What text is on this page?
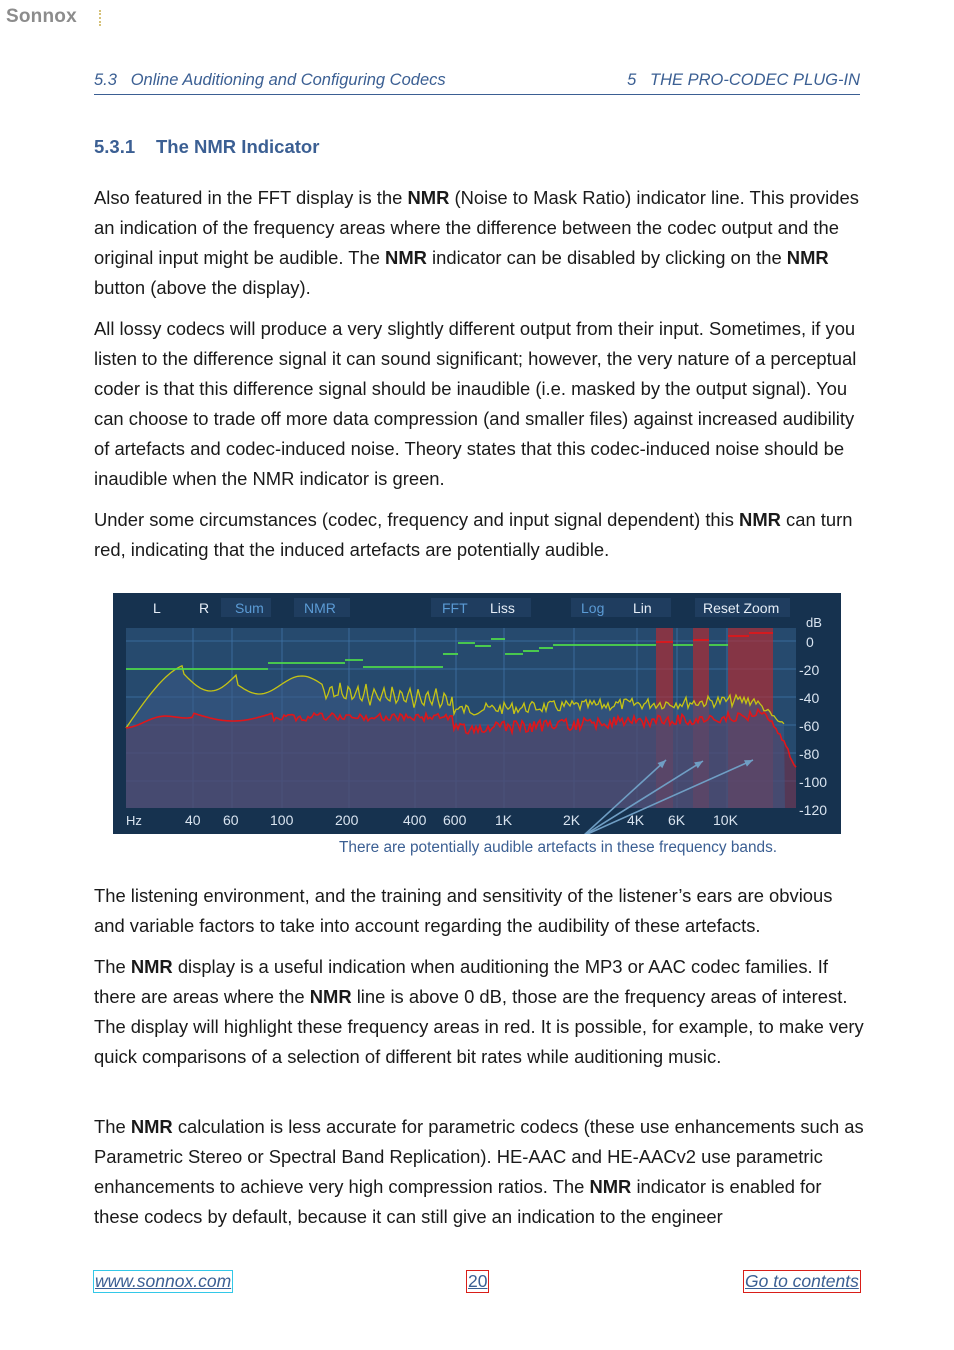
Sonnox
5.3   Online Auditioning and Configuring Codecs	5   THE PRO-CODEC PLUG-IN
5.3.1 The NMR Indicator

Also featured in the FFT display is the NMR (Noise to Mask Ratio) indicator line. This provides an indication of the frequency areas where the difference between the codec output and the original input might be audible. The NMR indicator can be disabled by clicking on the NMR button (above the display).

All lossy codecs will produce a very slightly different output from their input. Sometimes, if you listen to the difference signal it can sound significant; however, the very nature of a perceptual coder is that this difference signal should be inaudible (i.e. masked by the output signal). You can choose to trade off more data compression (and smaller files) against increased audibility of artefacts and codec-induced noise. Theory states that this codec-induced noise should be inaudible when the NMR indicator is green.

Under some circumstances (codec, frequency and input signal dependent) this NMR can turn red, indicating that the induced artefacts are potentially audible.

L	R Sum	NMR	FFT Liss	Log Lin	Reset Zoom
dB
0
-20
-40
-60
-80
-100
-120
Hz	40 60 100	200	400 600 1K	2K	4K 6K 10K
There are potentially audible artefacts in these frequency bands.

The listening environment, and the training and sensitivity of the listener’s ears are obvious and variable factors to take into account regarding the audibility of these artefacts.

The NMR display is a useful indication when auditioning the MP3 or AAC codec families. If there are areas where the NMR line is above 0 dB, those are the frequency areas of interest. The display will highlight these frequency areas in red. It is possible, for example, to make very quick comparisons of a selection of different bit rates while auditioning music.

The NMR calculation is less accurate for parametric codecs (these use enhancements such as Parametric Stereo or Spectral Band Replication). HE-AAC and HE-AACv2 use parametric enhancements to achieve very high compression ratios. The NMR indicator is enabled for these codecs by default, because it can still give an indication to the engineer

www.sonnox.com	20	Go to contents
